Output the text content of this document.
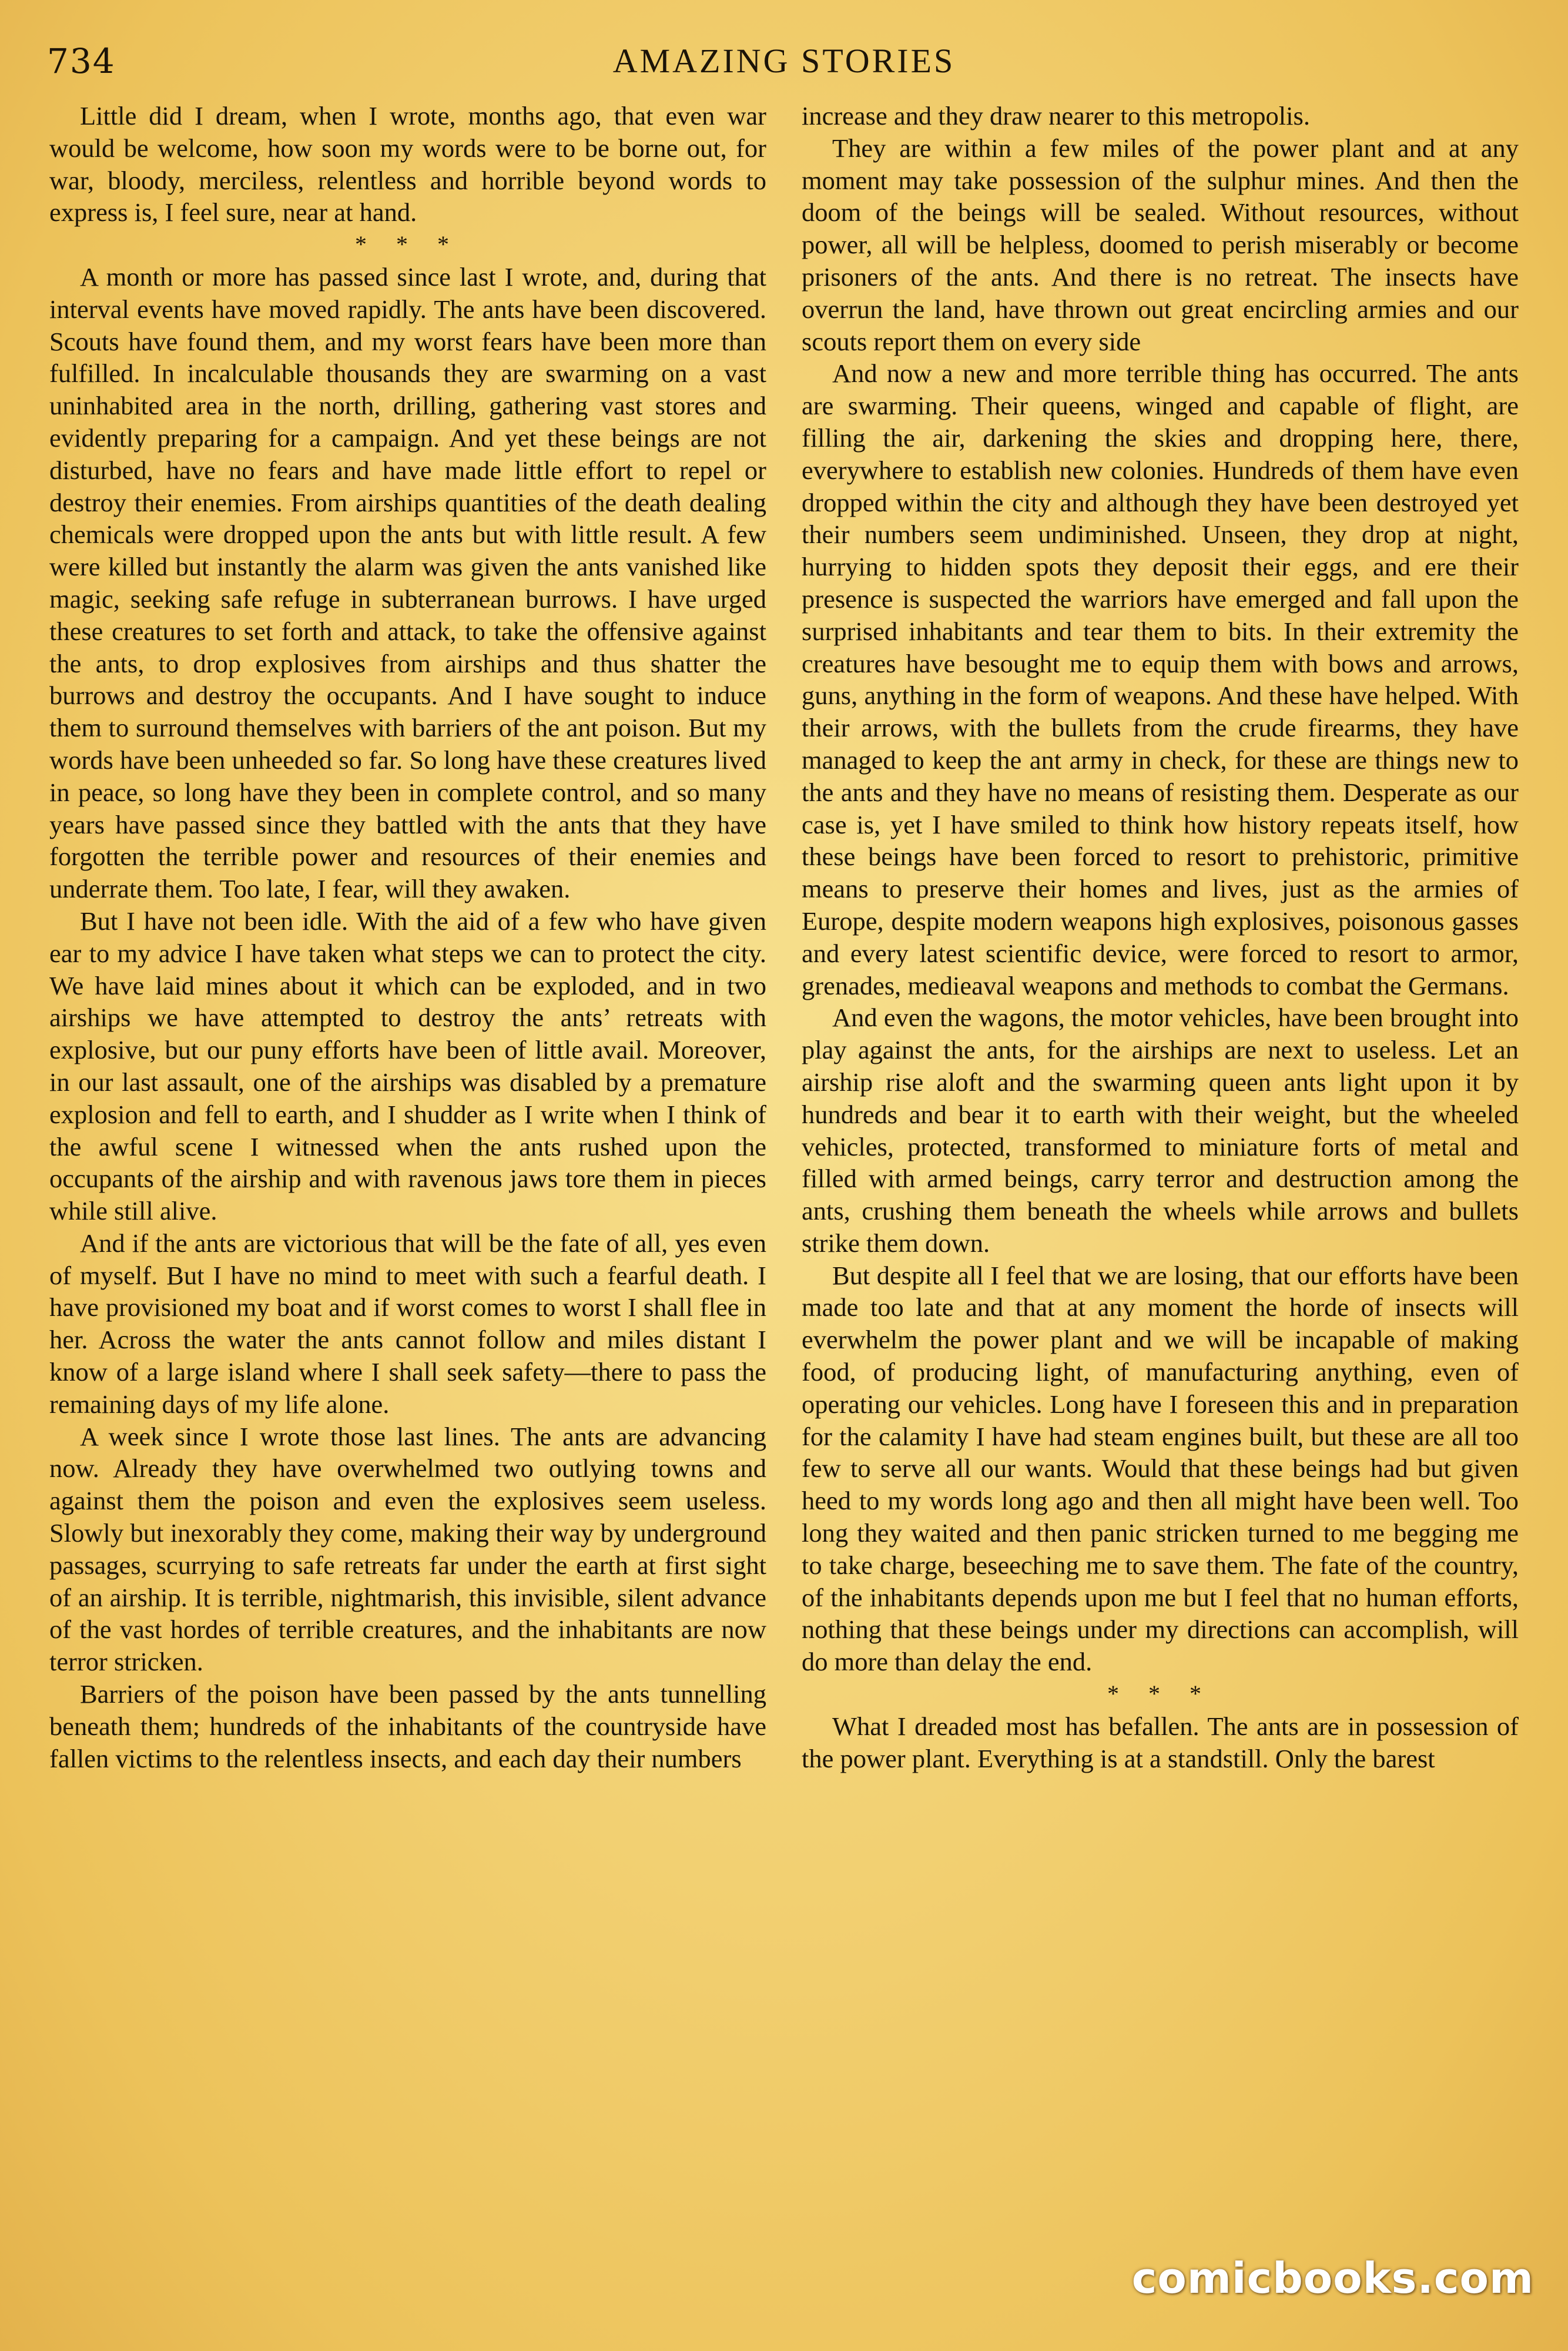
734	AMAZING STORIES

Little did I dream, when I wrote, months ago, that even war would be welcome, how soon my words were to be borne out, for war, bloody, merciless, relentless and horrible beyond words to express is, I feel sure, near at hand.

* * *

A month or more has passed since last I wrote, and, during that interval events have moved rapidly. The ants have been discovered. Scouts have found them, and my worst fears have been more than fulfilled. In incalculable thousands they are swarming on a vast uninhabited area in the north, drilling, gathering vast stores and evidently preparing for a campaign. And yet these beings are not disturbed, have no fears and have made little effort to repel or destroy their enemies. From airships quantities of the death dealing chemicals were dropped upon the ants but with little result. A few were killed but instantly the alarm was given the ants vanished like magic, seeking safe refuge in subterranean burrows. I have urged these creatures to set forth and attack, to take the offensive against the ants, to drop explosives from airships and thus shatter the burrows and destroy the occupants. And I have sought to induce them to surround themselves with barriers of the ant poison. But my words have been unheeded so far. So long have these creatures lived in peace, so long have they been in complete control, and so many years have passed since they battled with the ants that they have forgotten the terrible power and resources of their enemies and underrate them. Too late, I fear, will they awaken.

But I have not been idle. With the aid of a few who have given ear to my advice I have taken what steps we can to protect the city. We have laid mines about it which can be exploded, and in two airships we have attempted to destroy the ants’ retreats with explosive, but our puny efforts have been of little avail. Moreover, in our last assault, one of the airships was disabled by a premature explosion and fell to earth, and I shudder as I write when I think of the awful scene I witnessed when the ants rushed upon the occupants of the airship and with ravenous jaws tore them in pieces while still alive.

And if the ants are victorious that will be the fate of all, yes even of myself. But I have no mind to meet with such a fearful death. I have provisioned my boat and if worst comes to worst I shall flee in her. Across the water the ants cannot follow and miles distant I know of a large island where I shall seek safety—there to pass the remaining days of my life alone.

A week since I wrote those last lines. The ants are advancing now. Already they have overwhelmed two outlying towns and against them the poison and even the explosives seem useless. Slowly but inexorably they come, making their way by underground passages, scurrying to safe retreats far under the earth at first sight of an airship. It is terrible, nightmarish, this invisible, silent advance of the vast hordes of terrible creatures, and the inhabitants are now terror stricken.

Barriers of the poison have been passed by the ants tunnelling beneath them; hundreds of the inhabitants of the countryside have fallen victims to the relentless insects, and each day their numbers

increase and they draw nearer to this metropolis.

They are within a few miles of the power plant and at any moment may take possession of the sulphur mines. And then the doom of the beings will be sealed. Without resources, without power, all will be helpless, doomed to perish miserably or become prisoners of the ants. And there is no retreat. The insects have overrun the land, have thrown out great encircling armies and our scouts report them on every side

And now a new and more terrible thing has occurred. The ants are swarming. Their queens, winged and capable of flight, are filling the air, darkening the skies and dropping here, there, everywhere to establish new colonies. Hundreds of them have even dropped within the city and although they have been destroyed yet their numbers seem undiminished. Unseen, they drop at night, hurrying to hidden spots they deposit their eggs, and ere their presence is suspected the warriors have emerged and fall upon the surprised inhabitants and tear them to bits. In their extremity the creatures have besought me to equip them with bows and arrows, guns, anything in the form of weapons. And these have helped. With their arrows, with the bullets from the crude firearms, they have managed to keep the ant army in check, for these are things new to the ants and they have no means of resisting them. Desperate as our case is, yet I have smiled to think how history repeats itself, how these beings have been forced to resort to prehistoric, primitive means to preserve their homes and lives, just as the armies of Europe, despite modern weapons high explosives, poisonous gasses and every latest scientific device, were forced to resort to armor, grenades, medieaval weapons and methods to combat the Germans.

And even the wagons, the motor vehicles, have been brought into play against the ants, for the airships are next to useless. Let an airship rise aloft and the swarming queen ants light upon it by hundreds and bear it to earth with their weight, but the wheeled vehicles, protected, transformed to miniature forts of metal and filled with armed beings, carry terror and destruction among the ants, crushing them beneath the wheels while arrows and bullets strike them down.

But despite all I feel that we are losing, that our efforts have been made too late and that at any moment the horde of insects will everwhelm the power plant and we will be incapable of making food, of producing light, of manufacturing anything, even of operating our vehicles. Long have I foreseen this and in preparation for the calamity I have had steam engines built, but these are all too few to serve all our wants. Would that these beings had but given heed to my words long ago and then all might have been well. Too long they waited and then panic stricken turned to me begging me to take charge, beseeching me to save them. The fate of the country, of the inhabitants depends upon me but I feel that no human efforts, nothing that these beings under my directions can accomplish, will do more than delay the end.

* * *

What I dreaded most has befallen. The ants are in possession of the power plant. Everything is at a standstill. Only the barest

comicbooks.com
